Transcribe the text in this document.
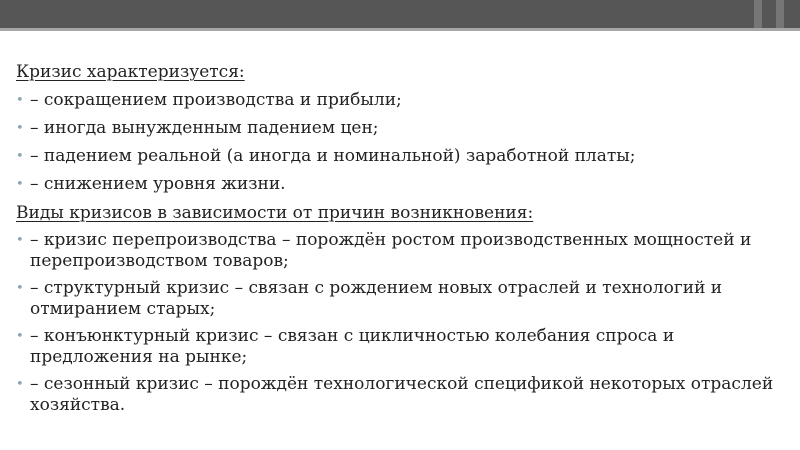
Кризис характеризуется:
• – сокращением производства и прибыли;
• – иногда вынужденным падением цен;
• – падением реальной (а иногда и номинальной) заработной платы;
• – снижением уровня жизни.
Виды кризисов в зависимости от причин возникновения:
• – кризис перепроизводства – порождён ростом производственных мощностей и перепроизводством товаров;
• – структурный кризис – связан с рождением новых отраслей и технологий и отмиранием старых;
• – конъюнктурный кризис – связан с цикличностью колебания спроса и предложения на рынке;
• – сезонный кризис – порождён технологической спецификой некоторых отраслей хозяйства.
